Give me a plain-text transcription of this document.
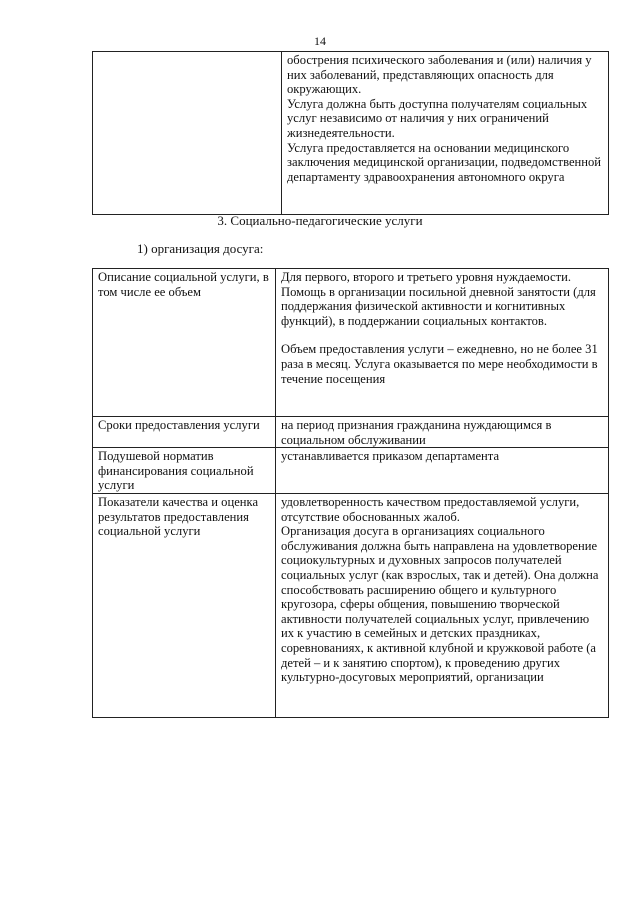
14

обострения психического заболевания и (или) наличия у них заболеваний, представляющих опасность для окружающих.
Услуга должна быть доступна получателям социальных услуг независимо от наличия у них ограничений жизнедеятельности.
Услуга предоставляется на основании медицинского заключения медицинской организации, подведомственной департаменту здравоохранения автономного округа
3. Социально-педагогические услуги
1) организация досуга:
Описание социальной услуги, в том числе ее объем	Для первого, второго и третьего уровня нуждаемости.
Помощь в организации посильной дневной занятости (для поддержания физической активности и когнитивных функций), в поддержании социальных контактов.
Объем предоставления услуги – ежедневно, но не более 31 раза в месяц. Услуга оказывается по мере необходимости в течение посещения

Сроки предоставления услуги	на период признания гражданина нуждающимся в социальном обслуживании

Подушевой норматив финансирования социальной услуги	устанавливается приказом департамента

Показатели качества и оценка результатов предоставления социальной услуги	удовлетворенность качеством предоставляемой услуги, отсутствие обоснованных жалоб.
Организация досуга в организациях социального обслуживания должна быть направлена на удовлетворение социокультурных и духовных запросов получателей социальных услуг (как взрослых, так и детей). Она должна способствовать расширению общего и культурного кругозора, сферы общения, повышению творческой активности получателей социальных услуг, привлечению их к участию в семейных и детских праздниках, соревнованиях, к активной клубной и кружковой работе (а детей – и к занятию спортом), к проведению других культурно-досуговых мероприятий, организации
